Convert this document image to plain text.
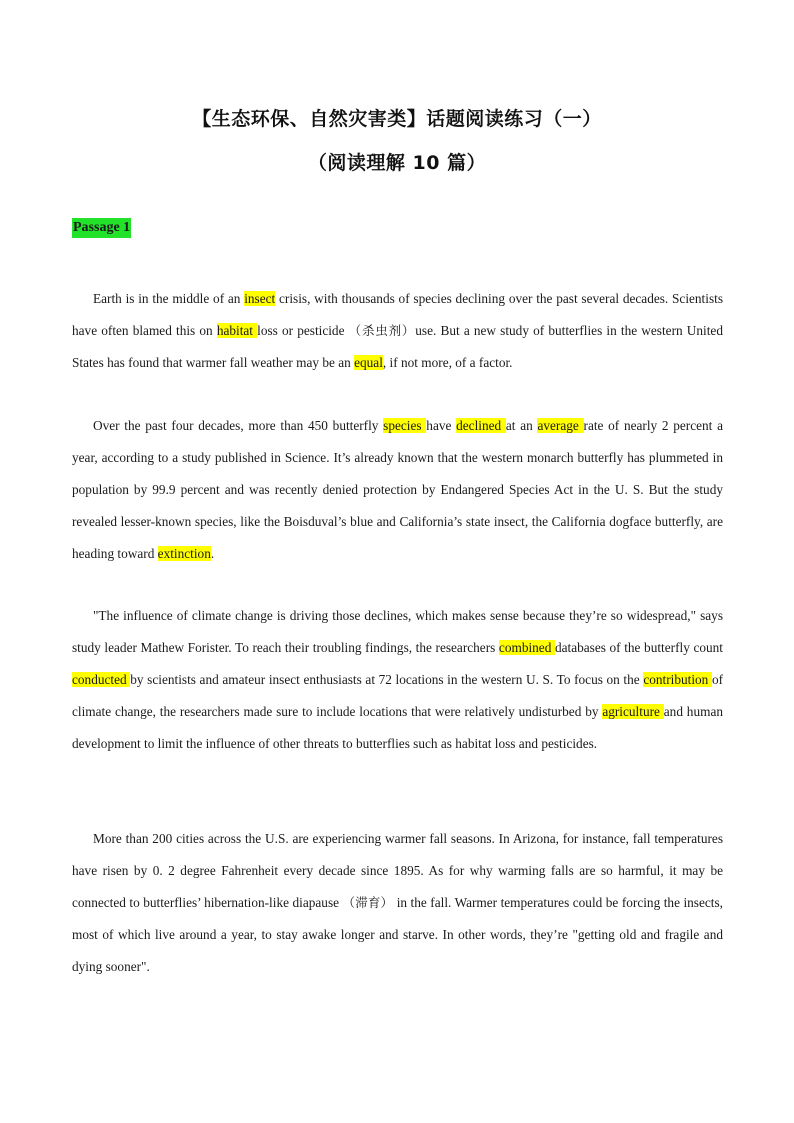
【生态环保、自然灾害类】话题阅读练习（一）
（阅读理解 10 篇）
Passage 1

Earth is in the middle of an insect crisis, with thousands of species declining over the past several decades. Scientists have often blamed this on habitat loss or pesticide （杀虫剂）use. But a new study of butterflies in the western United States has found that warmer fall weather may be an equal, if not more, of a factor.

Over the past four decades, more than 450 butterfly species have declined at an average rate of nearly 2 percent a year, according to a study published in Science. It’s already known that the western monarch butterfly has plummeted in population by 99.9 percent and was recently denied protection by Endangered Species Act in the U. S. But the study revealed lesser-known species, like the Boisduval’s blue and California’s state insect, the California dogface butterfly, are heading toward extinction.

"The influence of climate change is driving those declines, which makes sense because they’re so widespread," says study leader Mathew Forister. To reach their troubling findings, the researchers combined databases of the butterfly count conducted by scientists and amateur insect enthusiasts at 72 locations in the western U. S. To focus on the contribution of climate change, the researchers made sure to include locations that were relatively undisturbed by agriculture and human development to limit the influence of other threats to butterflies such as habitat loss and pesticides.

More than 200 cities across the U.S. are experiencing warmer fall seasons. In Arizona, for instance, fall temperatures have risen by 0. 2 degree Fahrenheit every decade since 1895. As for why warming falls are so harmful, it may be connected to butterflies’ hibernation-like diapause （滞育） in the fall. Warmer temperatures could be forcing the insects, most of which live around a year, to stay awake longer and starve. In other words, they’re "getting old and fragile and dying sooner".
